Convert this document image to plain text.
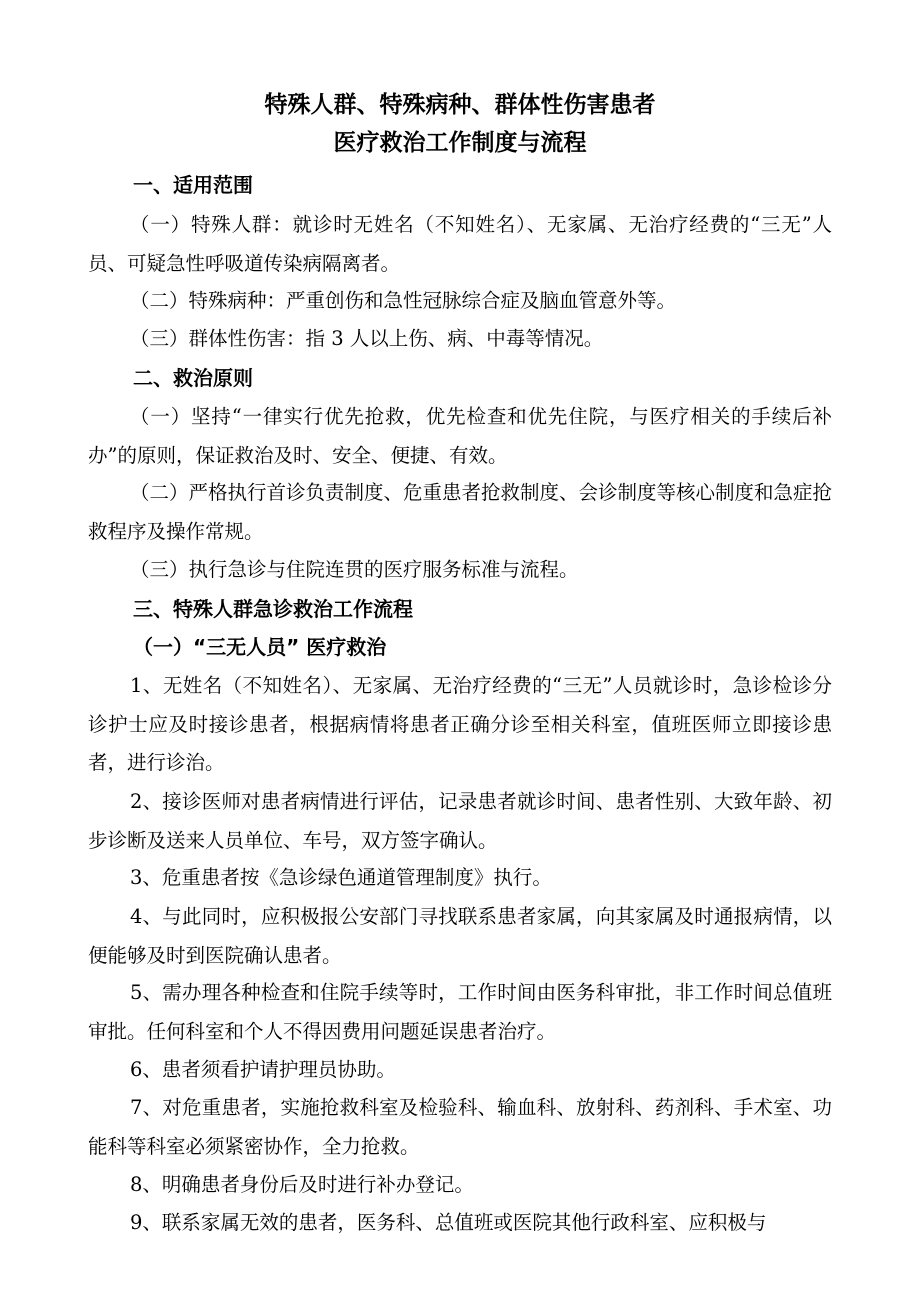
特殊人群、特殊病种、群体性伤害患者
医疗救治工作制度与流程
一、适用范围
（一）特殊人群：就诊时无姓名（不知姓名）、无家属、无治疗经费的“三无”人员、可疑急性呼吸道传染病隔离者。
（二）特殊病种：严重创伤和急性冠脉综合症及脑血管意外等。
（三）群体性伤害：指 3 人以上伤、病、中毒等情况。
二、救治原则
（一）坚持“一律实行优先抢救，优先检查和优先住院，与医疗相关的手续后补办”的原则，保证救治及时、安全、便捷、有效。
（二）严格执行首诊负责制度、危重患者抢救制度、会诊制度等核心制度和急症抢救程序及操作常规。
（三）执行急诊与住院连贯的医疗服务标准与流程。
三、特殊人群急诊救治工作流程
（一）“三无人员” 医疗救治
1、无姓名（不知姓名）、无家属、无治疗经费的“三无”人员就诊时，急诊检诊分诊护士应及时接诊患者，根据病情将患者正确分诊至相关科室，值班医师立即接诊患者，进行诊治。
2、接诊医师对患者病情进行评估，记录患者就诊时间、患者性别、大致年龄、初步诊断及送来人员单位、车号，双方签字确认。
3、危重患者按《急诊绿色通道管理制度》执行。
4、与此同时，应积极报公安部门寻找联系患者家属，向其家属及时通报病情，以便能够及时到医院确认患者。
5、需办理各种检查和住院手续等时，工作时间由医务科审批，非工作时间总值班审批。任何科室和个人不得因费用问题延误患者治疗。
6、患者须看护请护理员协助。
7、对危重患者，实施抢救科室及检验科、输血科、放射科、药剂科、手术室、功能科等科室必须紧密协作，全力抢救。
8、明确患者身份后及时进行补办登记。
9、联系家属无效的患者，医务科、总值班或医院其他行政科室、应积极与
